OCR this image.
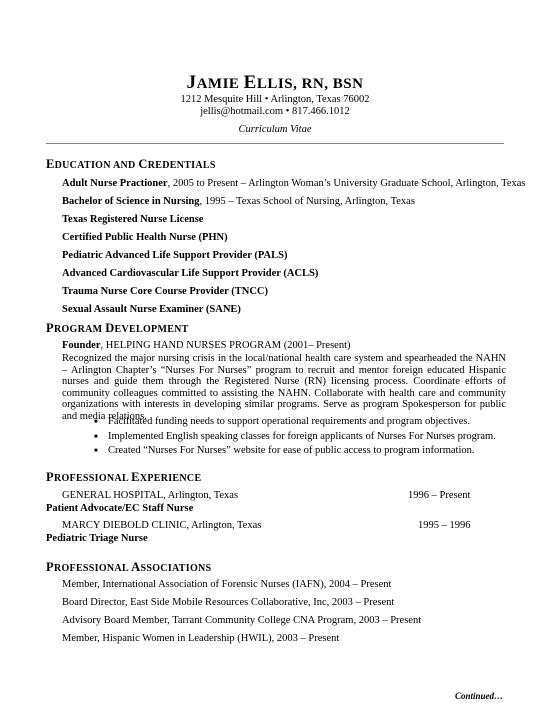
JAMIE ELLIS, RN, BSN
1212 Mesquite Hill • Arlington, Texas 76002
jellis@hotmail.com • 817.466.1012
Curriculum Vitae
EDUCATION AND CREDENTIALS
Adult Nurse Practioner, 2005 to Present – Arlington Woman’s University Graduate School, Arlington, Texas
Bachelor of Science in Nursing, 1995 – Texas School of Nursing, Arlington, Texas
Texas Registered Nurse License
Certified Public Health Nurse (PHN)
Pediatric Advanced Life Support Provider (PALS)
Advanced Cardiovascular Life Support Provider (ACLS)
Trauma Nurse Core Course Provider (TNCC)
Sexual Assault Nurse Examiner (SANE)
PROGRAM DEVELOPMENT
Founder, HELPING HAND NURSES PROGRAM (2001– Present)
Recognized the major nursing crisis in the local/national health care system and spearheaded the NAHN – Arlington Chapter’s “Nurses For Nurses” program to recruit and mentor foreign educated Hispanic nurses and guide them through the Registered Nurse (RN) licensing process. Coordinate efforts of community colleagues committed to assisting the NAHN. Collaborate with health care and community organizations with interests in developing similar programs. Serve as program Spokesperson for public and media relations.
■ Facilitated funding needs to support operational requirements and program objectives.
■ Implemented English speaking classes for foreign applicants of Nurses For Nurses program.
■ Created “Nurses For Nurses” website for ease of public access to program information.
PROFESSIONAL EXPERIENCE
GENERAL HOSPITAL, Arlington, Texas	1996 – Present
Patient Advocate/EC Staff Nurse
MARCY DIEBOLD CLINIC, Arlington, Texas	1995 – 1996
Pediatric Triage Nurse
PROFESSIONAL ASSOCIATIONS
Member, International Association of Forensic Nurses (IAFN), 2004 – Present
Board Director, East Side Mobile Resources Collaborative, Inc, 2003 – Present
Advisory Board Member, Tarrant Community College CNA Program, 2003 – Present
Member, Hispanic Women in Leadership (HWIL), 2003 – Present
Continued…
